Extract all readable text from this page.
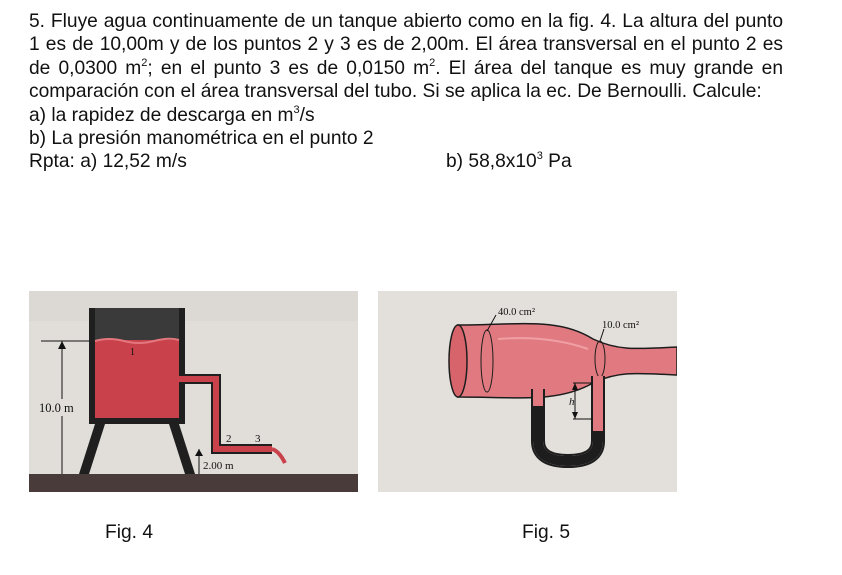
5. Fluye agua continuamente de un tanque abierto como en la fig. 4. La altura del punto 1 es de 10,00m y de los puntos 2 y 3 es de 2,00m. El área transversal en el punto 2 es de 0,0300 $m^2$; en el punto 3 es de 0,0150 $m^2$. El área del tanque es muy grande en comparación con el área transversal del tubo. Si se aplica la ec. De Bernoulli. Calcule:

a) la rapidez de descarga en $m^3/s$

b) La presión manométrica en el punto 2

Rpta: a) 12,52 m/s	b) $58,8x10^3$ Pa
10.0 m
2.00 m
1
2 3
h
40.0 cm²
10.0 cm²
Fig. 4	Fig. 5
